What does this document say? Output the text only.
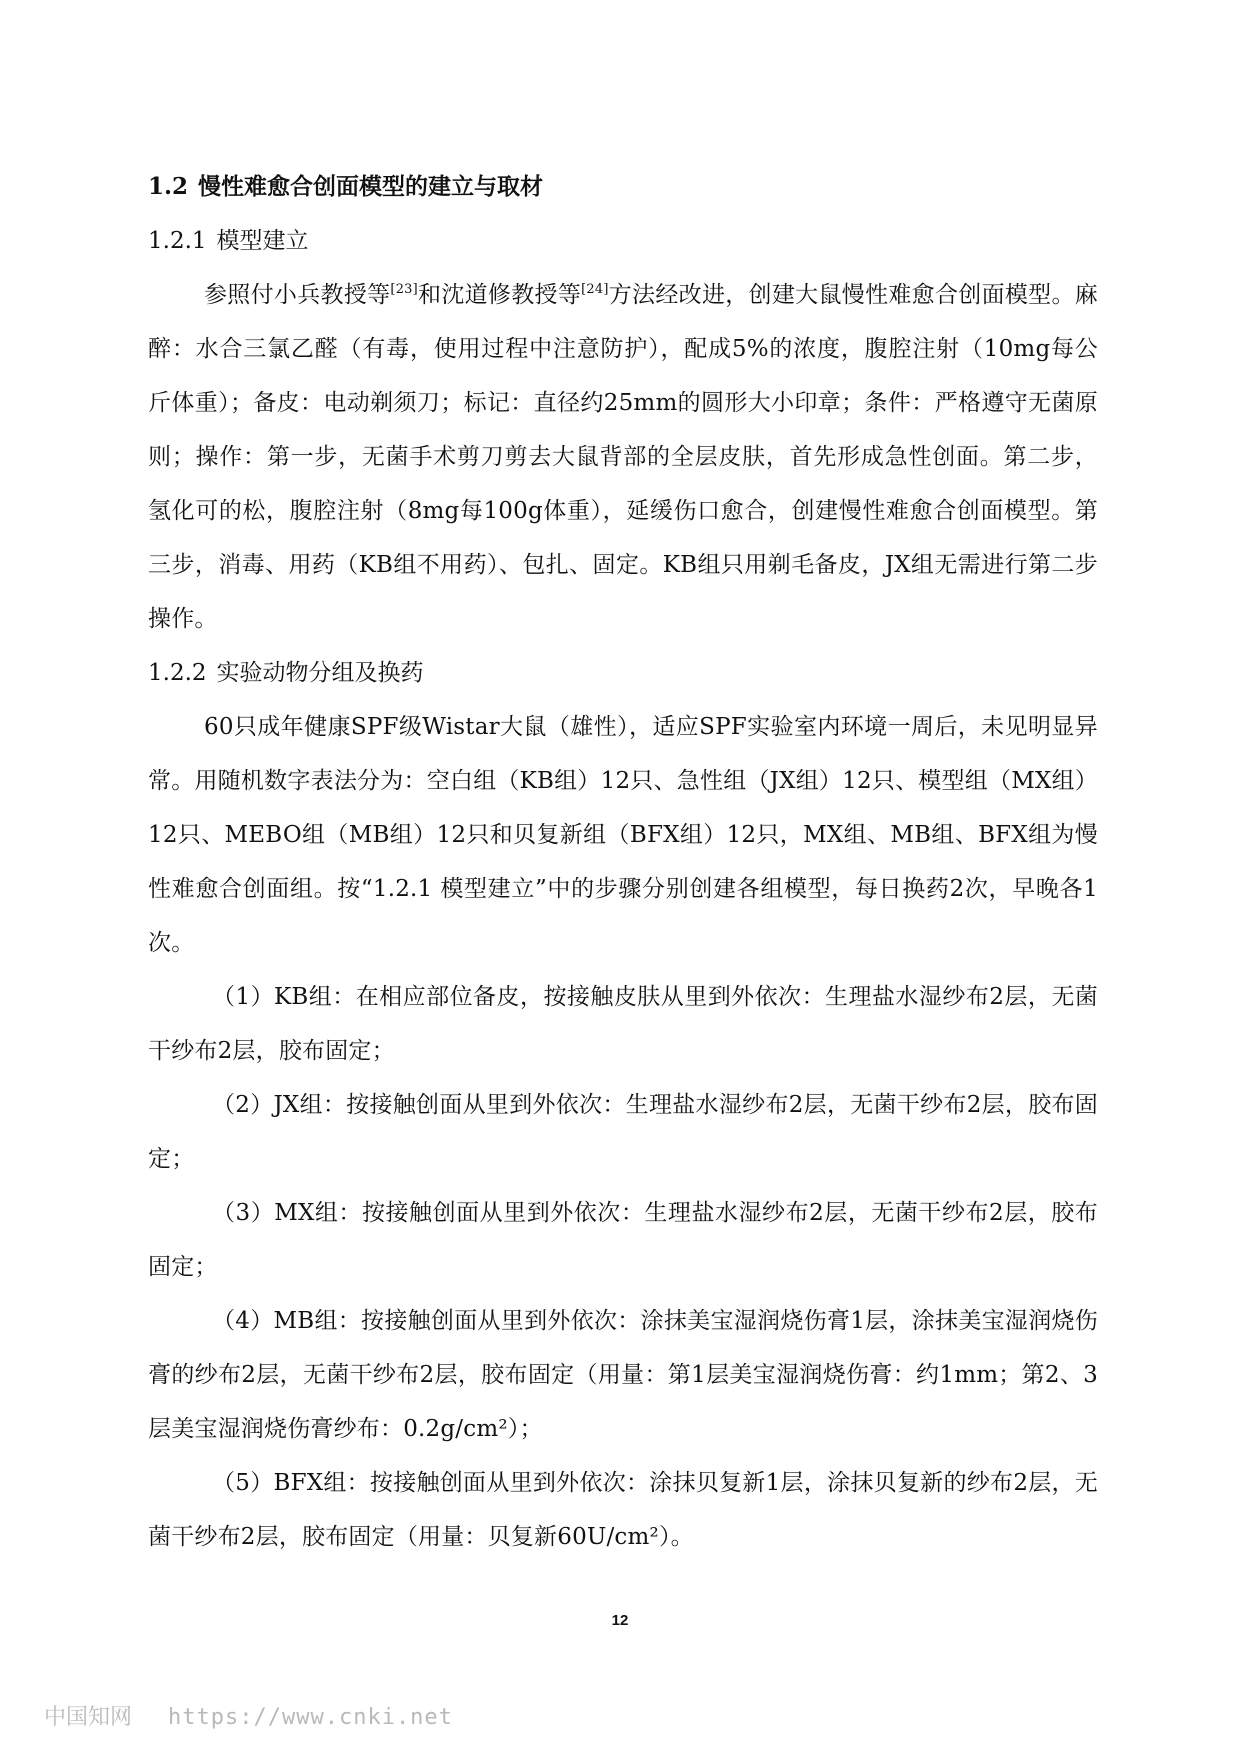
1.2 慢性难愈合创面模型的建立与取材
1.2.1 模型建立

参照付小兵教授等[23]和沈道修教授等[24]方法经改进，创建大鼠慢性难愈合创面模型。麻醉：水合三氯乙醛（有毒，使用过程中注意防护），配成5%的浓度，腹腔注射（10mg每公斤体重）；备皮：电动剃须刀；标记：直径约25mm的圆形大小印章；条件：严格遵守无菌原则；操作：第一步，无菌手术剪刀剪去大鼠背部的全层皮肤，首先形成急性创面。第二步，氢化可的松，腹腔注射（8mg每100g体重），延缓伤口愈合，创建慢性难愈合创面模型。第三步，消毒、用药（KB组不用药）、包扎、固定。KB组只用剃毛备皮，JX组无需进行第二步操作。

1.2.2 实验动物分组及换药

60只成年健康SPF级Wistar大鼠（雄性），适应SPF实验室内环境一周后，未见明显异常。用随机数字表法分为：空白组（KB组）12只、急性组（JX组）12只、模型组（MX组）12只、MEBO组（MB组）12只和贝复新组（BFX组）12只，MX组、MB组、BFX组为慢性难愈合创面组。按“1.2.1 模型建立”中的步骤分别创建各组模型，每日换药2次，早晚各1次。

（1）KB组：在相应部位备皮，按接触皮肤从里到外依次：生理盐水湿纱布2层，无菌干纱布2层，胶布固定；

（2）JX组：按接触创面从里到外依次：生理盐水湿纱布2层，无菌干纱布2层，胶布固定；

（3）MX组：按接触创面从里到外依次：生理盐水湿纱布2层，无菌干纱布2层，胶布固定；

（4）MB组：按接触创面从里到外依次：涂抹美宝湿润烧伤膏1层，涂抹美宝湿润烧伤膏的纱布2层，无菌干纱布2层，胶布固定（用量：第1层美宝湿润烧伤膏：约1mm；第2、3层美宝湿润烧伤膏纱布：0.2g/cm²）；

（5）BFX组：按接触创面从里到外依次：涂抹贝复新1层，涂抹贝复新的纱布2层，无菌干纱布2层，胶布固定（用量：贝复新60U/cm²）。

12
中国知网 https://www.cnki.net
